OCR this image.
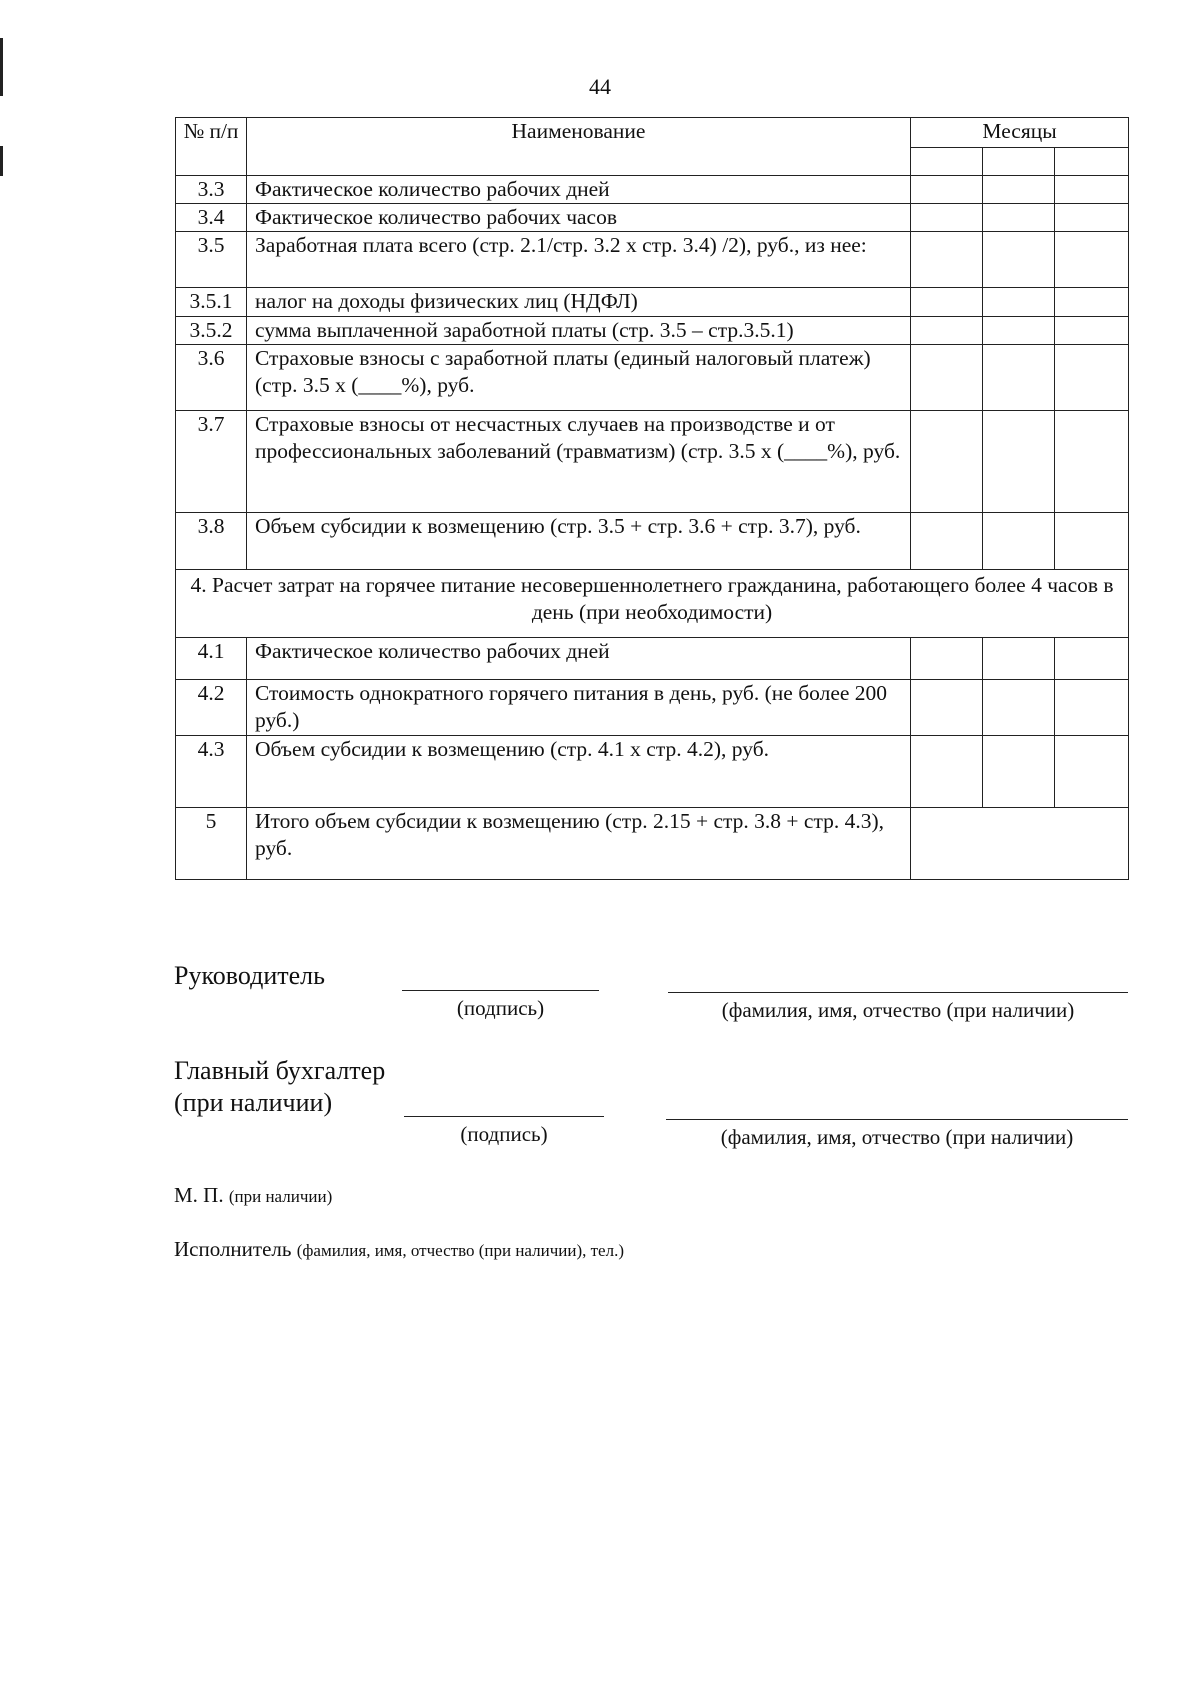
44
№ п/п	Наименование	Месяцы		

3.3	Фактическое количество рабочих дней			
3.4	Фактическое количество рабочих часов			
3.5	Заработная плата всего (стр. 2.1/стр. 3.2 х стр. 3.4) /2), руб., из нее:			
3.5.1	налог на доходы физических лиц (НДФЛ)			
3.5.2	сумма выплаченной заработной платы (стр. 3.5 – стр.3.5.1)			
3.6	Страховые взносы с заработной платы (единый налоговый платеж) (стр. 3.5 х (____%), руб.			
3.7	Страховые взносы от несчастных случаев на производстве и от профессиональных заболеваний (травматизм) (стр. 3.5 х (____%), руб.			
3.8	Объем субсидии к возмещению (стр. 3.5 + стр. 3.6 + стр. 3.7), руб.			
4. Расчет затрат на горячее питание несовершеннолетнего гражданина, работающего более 4 часов в день (при необходимости)				
4.1	Фактическое количество рабочих дней			
4.2	Стоимость однократного горячего питания в день, руб. (не более 200 руб.)			
4.3	Объем субсидии к возмещению (стр. 4.1 х стр. 4.2), руб.			
5	Итого объем субсидии к возмещению (стр. 2.15 + стр. 3.8 + стр. 4.3), руб.			
Руководитель
(подпись)	(фамилия, имя, отчество (при наличии)
Главный бухгалтер
(при наличии)
(подпись)	(фамилия, имя, отчество (при наличии)
М. П. (при наличии)
Исполнитель (фамилия, имя, отчество (при наличии), тел.)
